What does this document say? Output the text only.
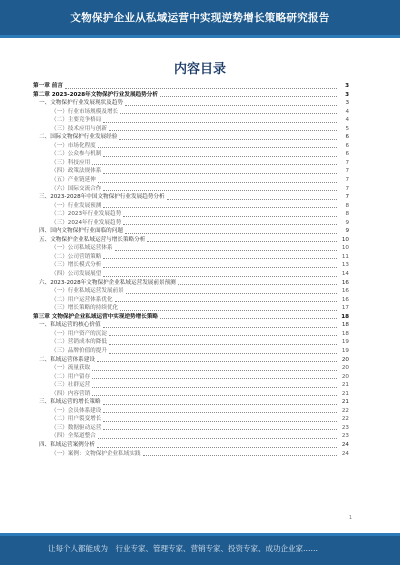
文物保护企业从私域运营中实现逆势增长策略研究报告
内容目录
第一章 前言	3
第二章 2023-2028年文物保护行业发展趋势分析	3
一、文物保护行业发展现状及趋势	3
（一）行业市场规模及增长	4
（二）主要竞争格局	4
（三）技术应用与创新	5
二、国际文物保护行业发展经验	6
（一）市场化程度	6
（二）公众参与机制	6
（三）科技应用	7
（四）政策法规体系	7
（五）产业链延伸	7
（六）国际交流合作	7
三、2023-2028年中国文物保护行业发展趋势分析	7
（一）行业发展预测	8
（二）2023年行业发展趋势	8
（三）2024年行业发展趋势	9
四、国内文物保护行业面临的问题	9
五、文物保护企业私域运营与增长策略分析	10
（一）公司私域运营体系	10
（二）公司营销策略	11
（三）增长模式分析	13
（四）公司发展展望	14
六、2023-2028年文物保护企业私域运营发展前景预测	16
（一）行业私域运营发展前景	16
（二）用户运营体系优化	16
（三）增长策略的持续优化	17
第三章 文物保护企业私域运营中实现逆势增长策略	18
一、私域运营的核心价值	18
（一）用户资产的沉淀	18
（二）营销成本的降低	19
（三）品牌价值的提升	19
二、私域运营体系建设	20
（一）流量获取	20
（二）用户留存	20
（三）社群运营	21
（四）内容营销	21
三、私域运营的增长策略	21
（一）会员体系建设	22
（二）用户裂变增长	22
（三）数据驱动运营	23
（四）全渠道整合	23
四、私域运营案例分析	24
（一）案例：文物保护企业私域实践	24
1
让每个人都能成为　行业专家、管理专家、营销专家、投资专家、成功企业家……
